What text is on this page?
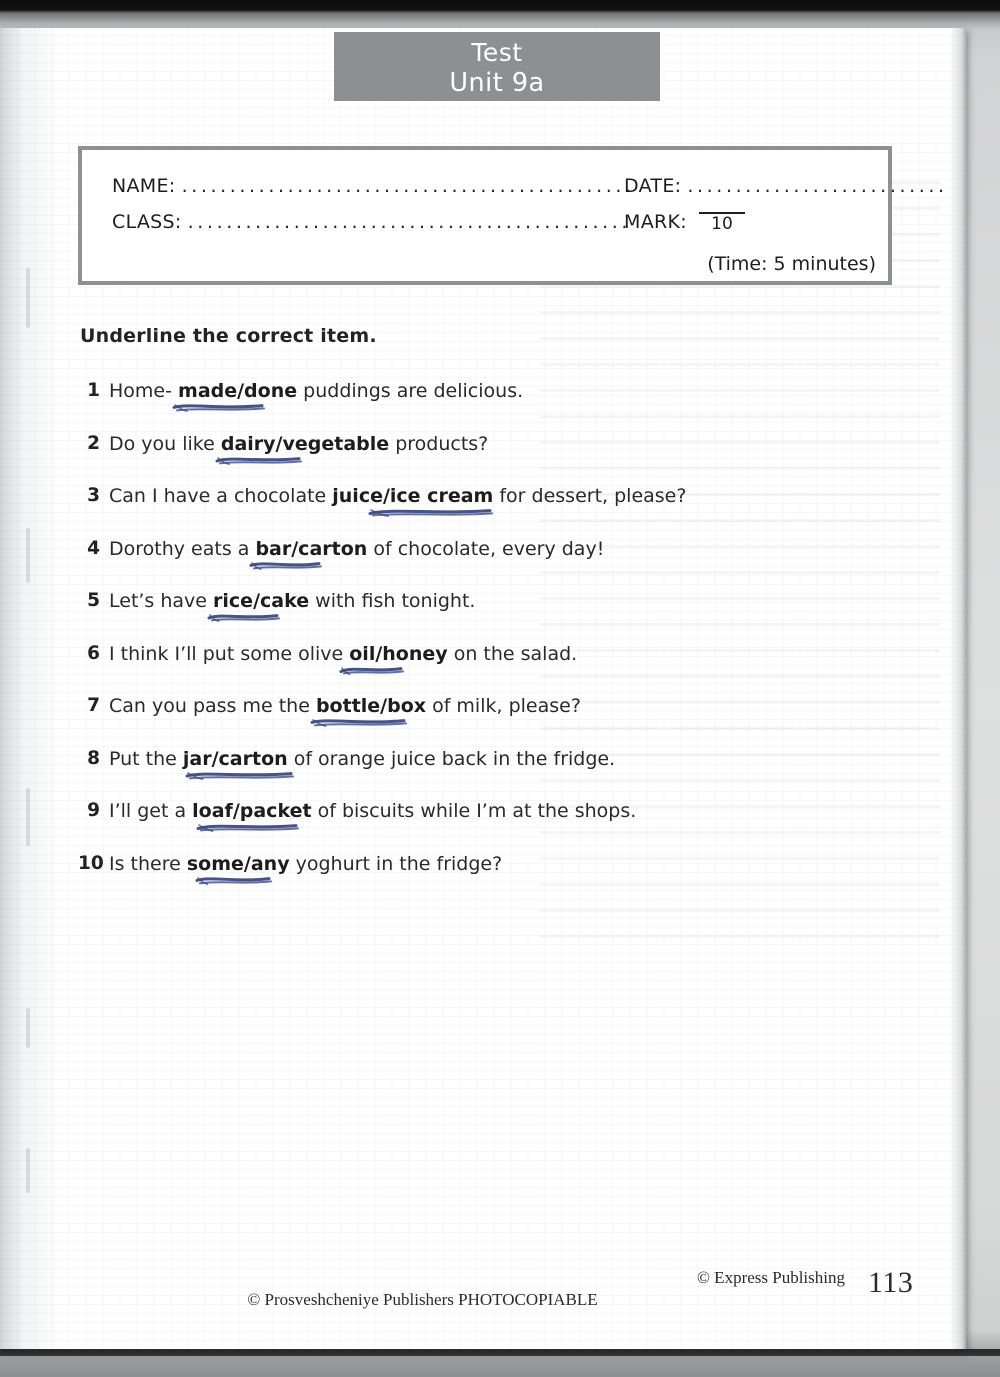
Test
Unit 9a
NAME: ...............................................
CLASS: ..............................................
DATE: ...........................
MARK:	10
(Time: 5 minutes)
Underline the correct item.
1 Home- made/done
puddings are delicious.
2 Do you like dairy/vegetable
products?
3 Can I have a chocolate juice/ice cream
for dessert, please?
4 Dorothy eats a bar/carton
of chocolate, every day!
5 Let’s have rice/cake
with fish tonight.
6 I think I’ll put some olive oil/honey
on the salad.
7 Can you pass me the bottle/box
of milk, please?
8 Put the jar/carton
of orange juice back in the fridge.
9 I’ll get a loaf/packet
of biscuits while I’m at the shops.
10 Is there some/any
yoghurt in the fridge?
© Express Publishing
© Prosveshcheniye Publishers PHOTOCOPIABLE
113
